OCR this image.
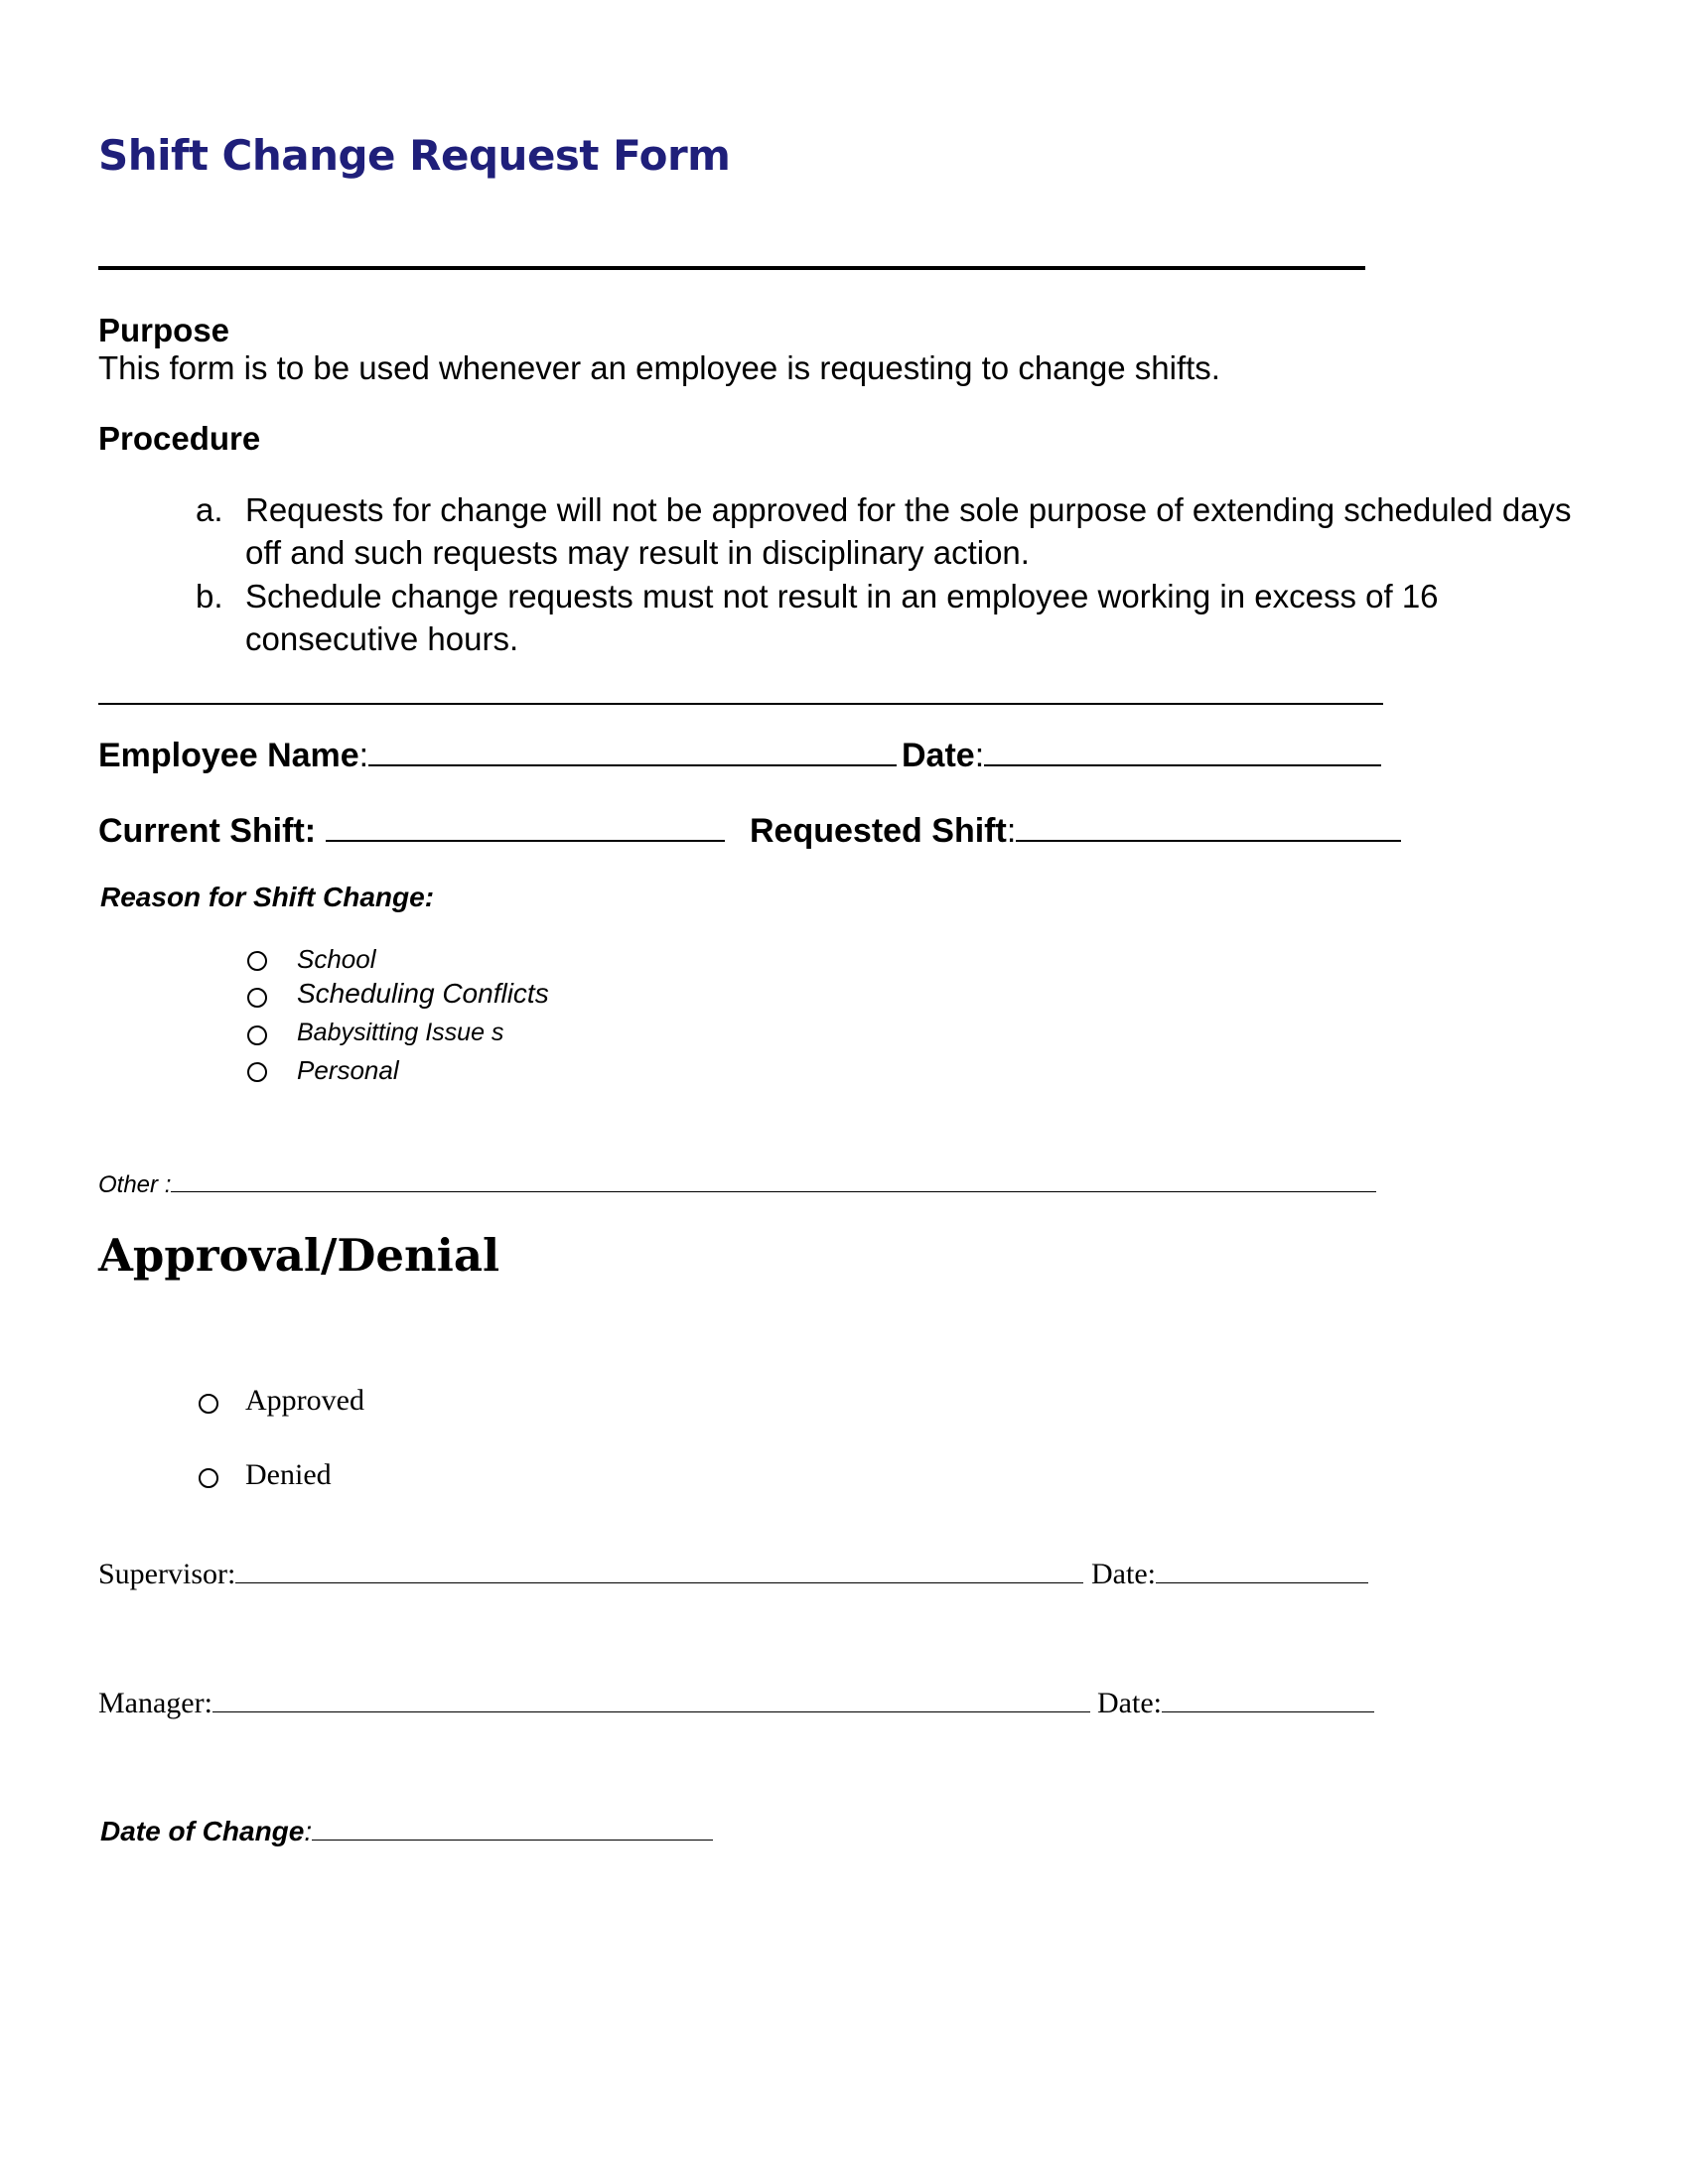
Shift Change Request Form
Purpose
This form is to be used whenever an employee is requesting to change shifts.
Procedure
a. Requests for change will not be approved for the sole purpose of extending scheduled days
off and such requests may result in disciplinary action.
b. Schedule change requests must not result in an employee working in excess of 16
consecutive hours.
Employee Name:	Date:
Current Shift:	Requested Shift:
Reason for Shift Change:
School
Scheduling Conflicts
Babysitting Issue s
Personal
Other :
Approval/Denial
Approved
Denied
Supervisor:	Date:
Manager:	Date:
Date of Change:
